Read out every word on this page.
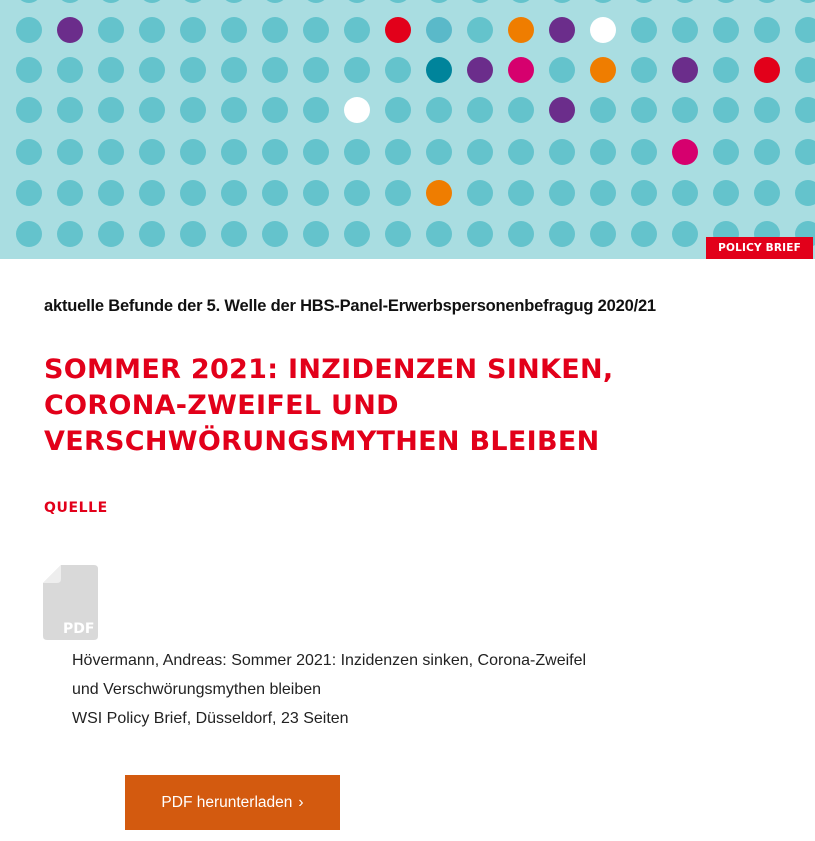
POLICY BRIEF
aktuelle Befunde der 5. Welle der HBS-Panel-Erwerbspersonenbefragug 2020/21
SOMMER 2021: INZIDENZEN SINKEN, CORONA-ZWEIFEL UND VERSCHWÖRUNGSMYTHEN BLEIBEN
QUELLE
PDF
Hövermann, Andreas: Sommer 2021: Inzidenzen sinken, Corona-Zweifel
und Verschwörungsmythen bleiben
WSI Policy Brief, Düsseldorf, 23 Seiten
PDF herunterladen ›
